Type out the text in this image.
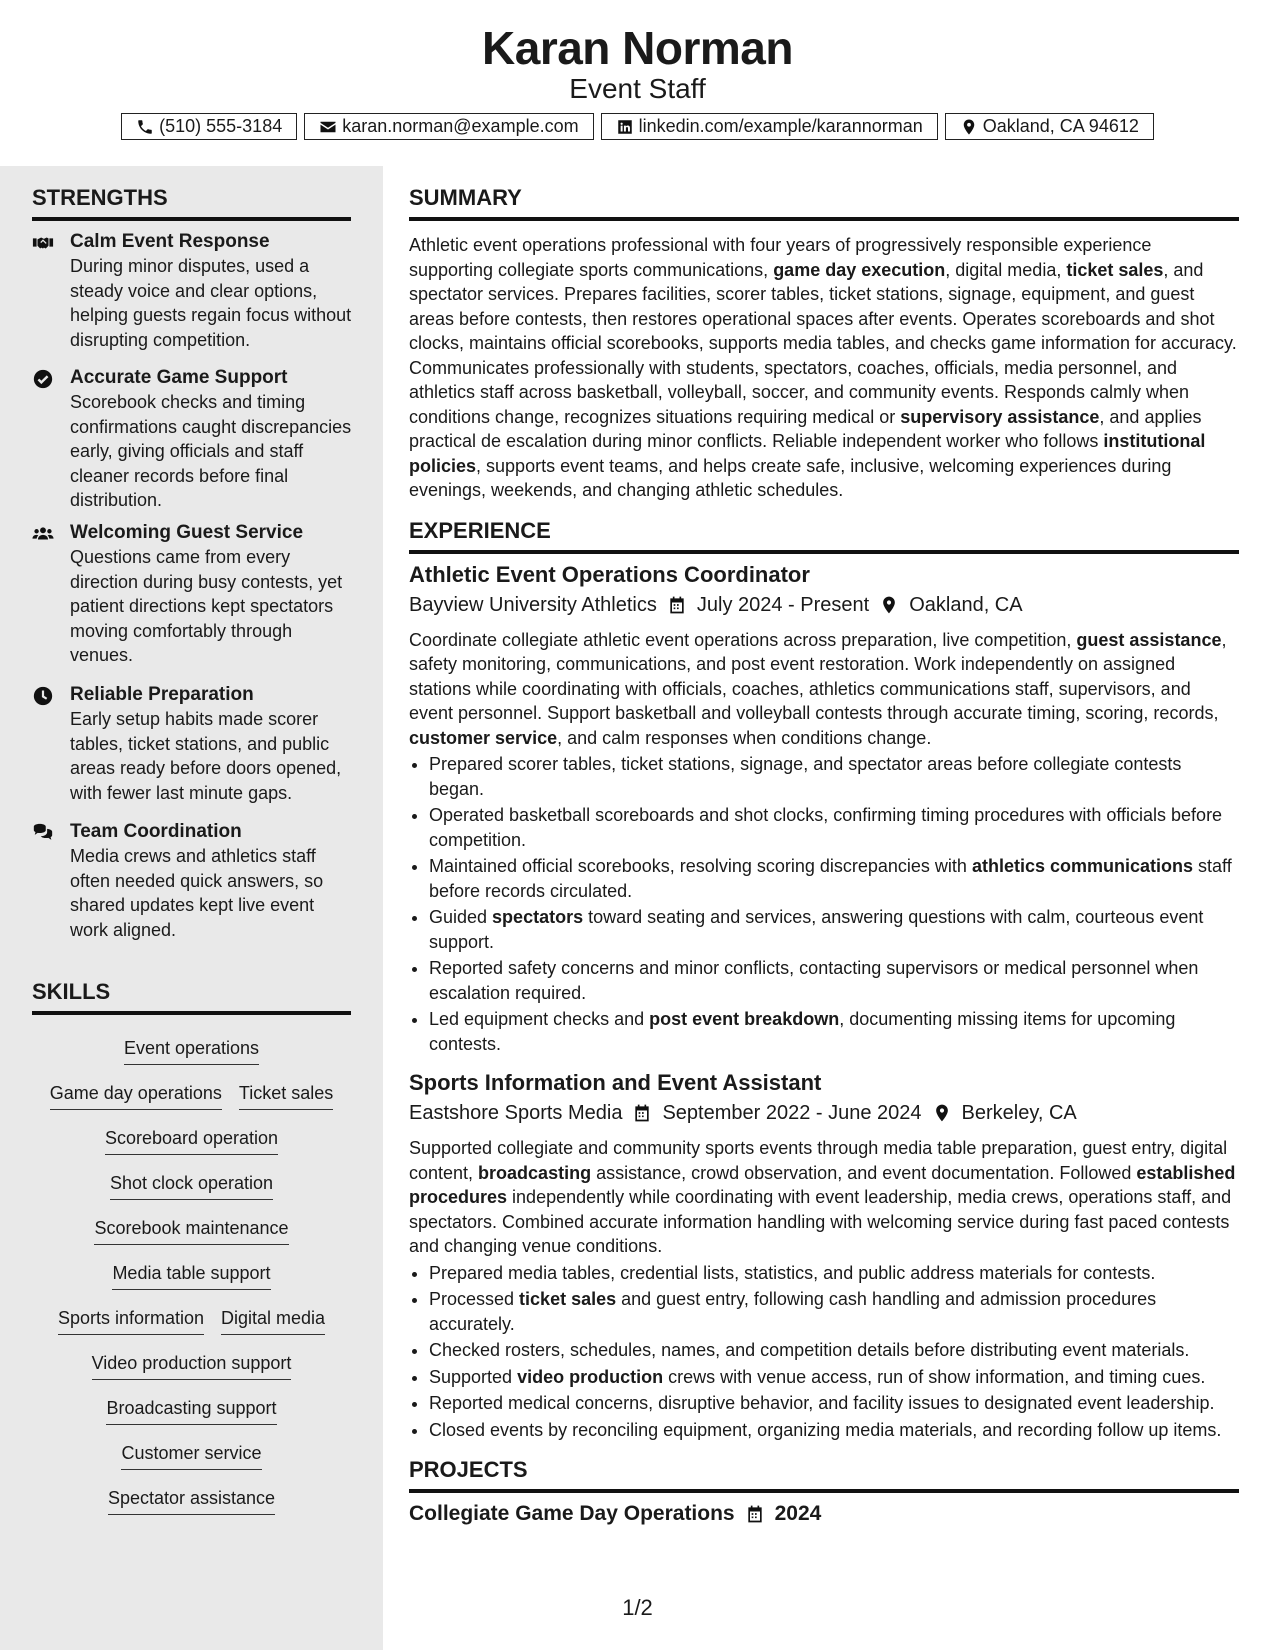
Karan Norman
Event Staff
(510) 555-3184	karan.norman@example.com	linkedin.com/example/karannorman	Oakland, CA 94612
STRENGTHS
Calm Event Response
During minor disputes, used a steady voice and clear options, helping guests regain focus without disrupting competition.
Accurate Game Support
Scorebook checks and timing confirmations caught discrepancies early, giving officials and staff cleaner records before final distribution.
Welcoming Guest Service
Questions came from every direction during busy contests, yet patient directions kept spectators moving comfortably through venues.
Reliable Preparation
Early setup habits made scorer tables, ticket stations, and public areas ready before doors opened, with fewer last minute gaps.
Team Coordination
Media crews and athletics staff often needed quick answers, so shared updates kept live event work aligned.
SKILLS
Event operations
Game day operations Ticket sales
Scoreboard operation
Shot clock operation
Scorebook maintenance
Media table support
Sports information Digital media
Video production support
Broadcasting support
Customer service
Spectator assistance
SUMMARY

Athletic event operations professional with four years of progressively responsible experience supporting collegiate sports communications, game day execution, digital media, ticket sales, and spectator services. Prepares facilities, scorer tables, ticket stations, signage, equipment, and guest areas before contests, then restores operational spaces after events. Operates scoreboards and shot clocks, maintains official scorebooks, supports media tables, and checks game information for accuracy. Communicates professionally with students, spectators, coaches, officials, media personnel, and athletics staff across basketball, volleyball, soccer, and community events. Responds calmly when conditions change, recognizes situations requiring medical or supervisory assistance, and applies practical de escalation during minor conflicts. Reliable independent worker who follows institutional policies, supports event teams, and helps create safe, inclusive, welcoming experiences during evenings, weekends, and changing athletic schedules.

EXPERIENCE
Athletic Event Operations Coordinator
Bayview University Athletics July 2024 - Present Oakland, CA

Coordinate collegiate athletic event operations across preparation, live competition, guest assistance, safety monitoring, communications, and post event restoration. Work independently on assigned stations while coordinating with officials, coaches, athletics communications staff, supervisors, and event personnel. Support basketball and volleyball contests through accurate timing, scoring, records, customer service, and calm responses when conditions change.

• Prepared scorer tables, ticket stations, signage, and spectator areas before collegiate contests began.
• Operated basketball scoreboards and shot clocks, confirming timing procedures with officials before competition.
• Maintained official scorebooks, resolving scoring discrepancies with athletics communications staff before records circulated.
• Guided spectators toward seating and services, answering questions with calm, courteous event support.
• Reported safety concerns and minor conflicts, contacting supervisors or medical personnel when escalation required.
• Led equipment checks and post event breakdown, documenting missing items for upcoming contests.
Sports Information and Event Assistant
Eastshore Sports Media September 2022 - June 2024 Berkeley, CA

Supported collegiate and community sports events through media table preparation, guest entry, digital content, broadcasting assistance, crowd observation, and event documentation. Followed established procedures independently while coordinating with event leadership, media crews, operations staff, and spectators. Combined accurate information handling with welcoming service during fast paced contests and changing venue conditions.

• Prepared media tables, credential lists, statistics, and public address materials for contests.
• Processed ticket sales and guest entry, following cash handling and admission procedures accurately.
• Checked rosters, schedules, names, and competition details before distributing event materials.
• Supported video production crews with venue access, run of show information, and timing cues.
• Reported medical concerns, disruptive behavior, and facility issues to designated event leadership.
• Closed events by reconciling equipment, organizing media materials, and recording follow up items.
PROJECTS
Collegiate Game Day Operations 2024
1/2
